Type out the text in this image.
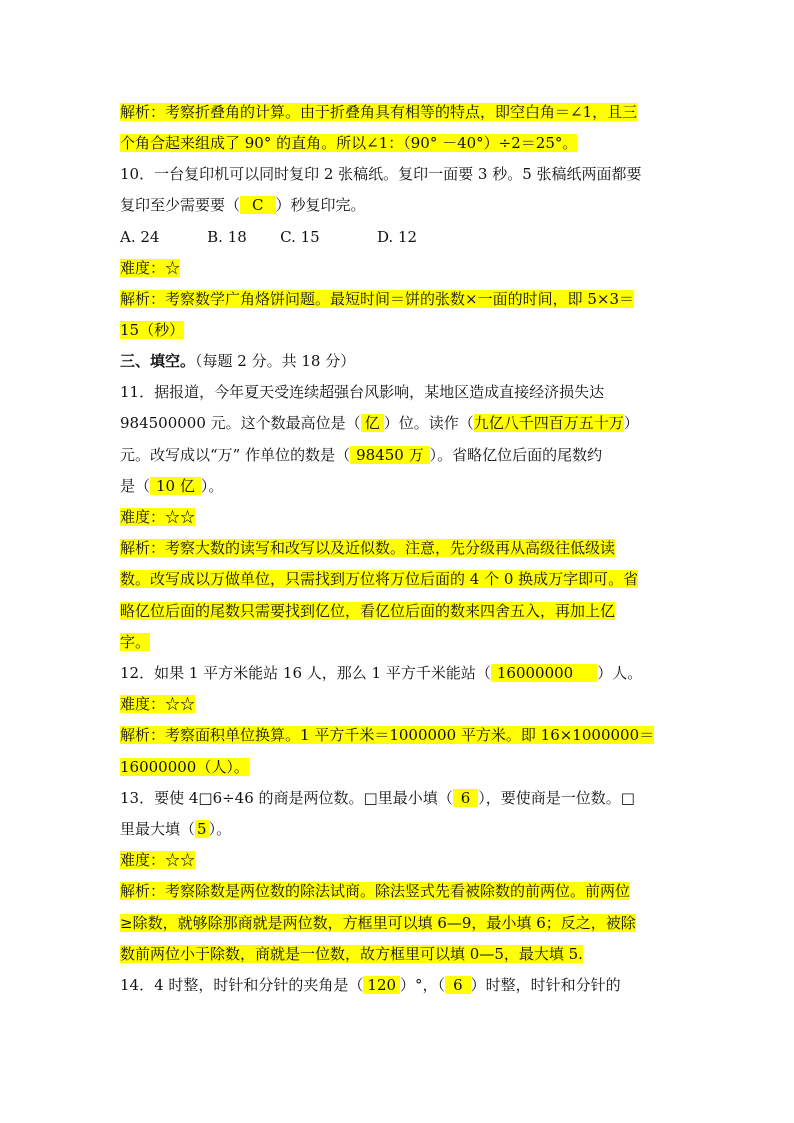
解析：考察折叠角的计算。由于折叠角具有相等的特点，即空白角＝∠1，且三
个角合起来组成了 90° 的直角。所以∠1：（90° －40°）÷2＝25°。
10．一台复印机可以同时复印 2 张稿纸。复印一面要 3 秒。5 张稿纸两面都要
复印至少需要要（ C ）秒复印完。
A. 24          B. 18       C. 15            D. 12
难度：☆
解析：考察数学广角烙饼问题。最短时间＝饼的张数×一面的时间，即 5×3＝
15（秒）
三、填空。（每题 2 分。共 18 分）
11．据报道，今年夏天受连续超强台风影响，某地区造成直接经济损失达
984500000 元。这个数最高位是（ 亿 ）位。读作（九亿八千四百万五十万）
元。改写成以“万” 作单位的数是（ 98450 万 ）。省略亿位后面的尾数约
是（ 10 亿 ）。
难度：☆☆
解析：考察大数的读写和改写以及近似数。注意，先分级再从高级往低级读
数。改写成以万做单位，只需找到万位将万位后面的 4 个 0 换成万字即可。省
略亿位后面的尾数只需要找到亿位，看亿位后面的数来四舍五入，再加上亿
字。
12．如果 1 平方米能站 16 人，那么 1 平方千米能站（ 16000000 ）人。
难度：☆☆
解析：考察面积单位换算。1 平方千米＝1000000 平方米。即 16×1000000＝
16000000（人）。
13．要使 4□6÷46 的商是两位数。□里最小填（ 6 ），要使商是一位数。□
里最大填（ 5 ）。
难度：☆☆
解析：考察除数是两位数的除法试商。除法竖式先看被除数的前两位。前两位
≥除数，就够除那商就是两位数，方框里可以填 6—9，最小填 6；反之，被除
数前两位小于除数，商就是一位数，故方框里可以填 0—5，最大填 5.
14．4 时整，时针和分针的夹角是（ 120 ）°，（ 6 ）时整，时针和分针的
